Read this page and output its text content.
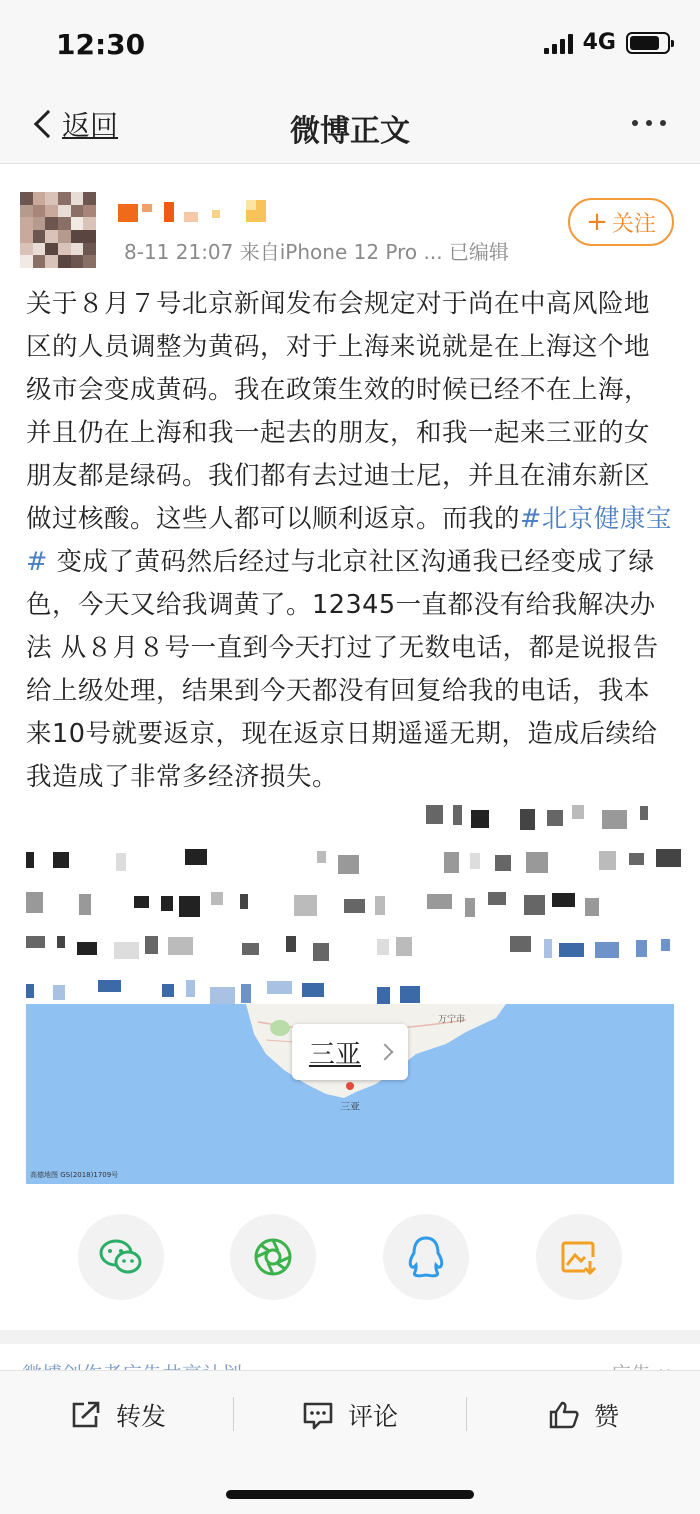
12:30	4G
返回	微博正文
8-11 21:07 来自iPhone 12 Pro ... 已编辑
+ 关注
关于８月７号北京新闻发布会规定对于尚在中高风险地区的人员调整为黄码，对于上海来说就是在上海这个地级市会变成黄码。我在政策生效的时候已经不在上海，并且仍在上海和我一起去的朋友，和我一起来三亚的女朋友都是绿码。我们都有去过迪士尼，并且在浦东新区做过核酸。这些人都可以顺利返京。而我的#北京健康宝# 变成了黄码然后经过与北京社区沟通我已经变成了绿色，今天又给我调黄了。12345一直都没有给我解决办法 从８月８号一直到今天打过了无数电话，都是说报告给上级处理，结果到今天都没有回复给我的电话，我本来10号就要返京，现在返京日期遥遥无期，造成后续给我造成了非常多经济损失。
三亚
三亚
万宁市
高德地图 GS(2018)1709号
转发	评论	赞
